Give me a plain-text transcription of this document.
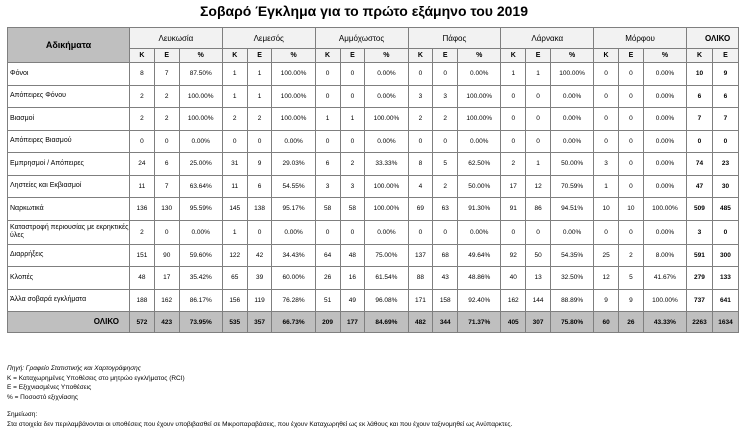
Σοβαρό Έγκλημα για το πρώτο εξάμηνο του 2019
Αδικήματα	Λευκωσία			Λεμεσός			Αμμόχωστος			Πάφος			Λάρνακα			Μόρφου			ΟΛΙΚΟ	
	Κ	Ε	%	Κ	Ε	%	Κ	Ε	%	Κ	Ε	%	Κ	Ε	%	Κ	Ε	%	Κ	Ε
Φόνοι	8	7	87.50%	1	1	100.00%	0	0	0.00%	0	0	0.00%	1	1	100.00%	0	0	0.00%	10	9
Απόπειρες Φόνου	2	2	100.00%	1	1	100.00%	0	0	0.00%	3	3	100.00%	0	0	0.00%	0	0	0.00%	6	6
Βιασμοί	2	2	100.00%	2	2	100.00%	1	1	100.00%	2	2	100.00%	0	0	0.00%	0	0	0.00%	7	7
Απόπειρες Βιασμού	0	0	0.00%	0	0	0.00%	0	0	0.00%	0	0	0.00%	0	0	0.00%	0	0	0.00%	0	0
Εμπρησμοί / Απόπειρες	24	6	25.00%	31	9	29.03%	6	2	33.33%	8	5	62.50%	2	1	50.00%	3	0	0.00%	74	23
Ληστείες και Εκβιασμοί	11	7	63.64%	11	6	54.55%	3	3	100.00%	4	2	50.00%	17	12	70.59%	1	0	0.00%	47	30
Ναρκωτικά	136	130	95.59%	145	138	95.17%	58	58	100.00%	69	63	91.30%	91	86	94.51%	10	10	100.00%	509	485
Καταστροφή περιουσίας με εκρηκτικές ύλες	2	0	0.00%	1	0	0.00%	0	0	0.00%	0	0	0.00%	0	0	0.00%	0	0	0.00%	3	0
Διαρρήξεις	151	90	59.60%	122	42	34.43%	64	48	75.00%	137	68	49.64%	92	50	54.35%	25	2	8.00%	591	300
Κλοπές	48	17	35.42%	65	39	60.00%	26	16	61.54%	88	43	48.86%	40	13	32.50%	12	5	41.67%	279	133
Άλλα σοβαρά εγκλήματα	188	162	86.17%	156	119	76.28%	51	49	96.08%	171	158	92.40%	162	144	88.89%	9	9	100.00%	737	641
ΟΛΙΚΟ	572	423	73.95%	535	357	66.73%	209	177	84.69%	482	344	71.37%	405	307	75.80%	60	26	43.33%	2263	1634
Πηγή: Γραφείο Στατιστικής και Χαρτογράφησης
Κ = Καταχωρημένες Υποθέσεις στο μητρώο εγκλήματος (RCI)
Ε = Εξιχνιασμένες Υποθέσεις
% = Ποσοστό εξιχνίασης
Σημείωση:
Στα στοιχεία δεν περιλαμβάνονται οι υποθέσεις που έχουν υποβιβασθεί σε Μικροπαραβάσεις, που έχουν Καταχωρηθεί ως εκ λάθους και που έχουν ταξινομηθεί ως Ανύπαρκτες.
